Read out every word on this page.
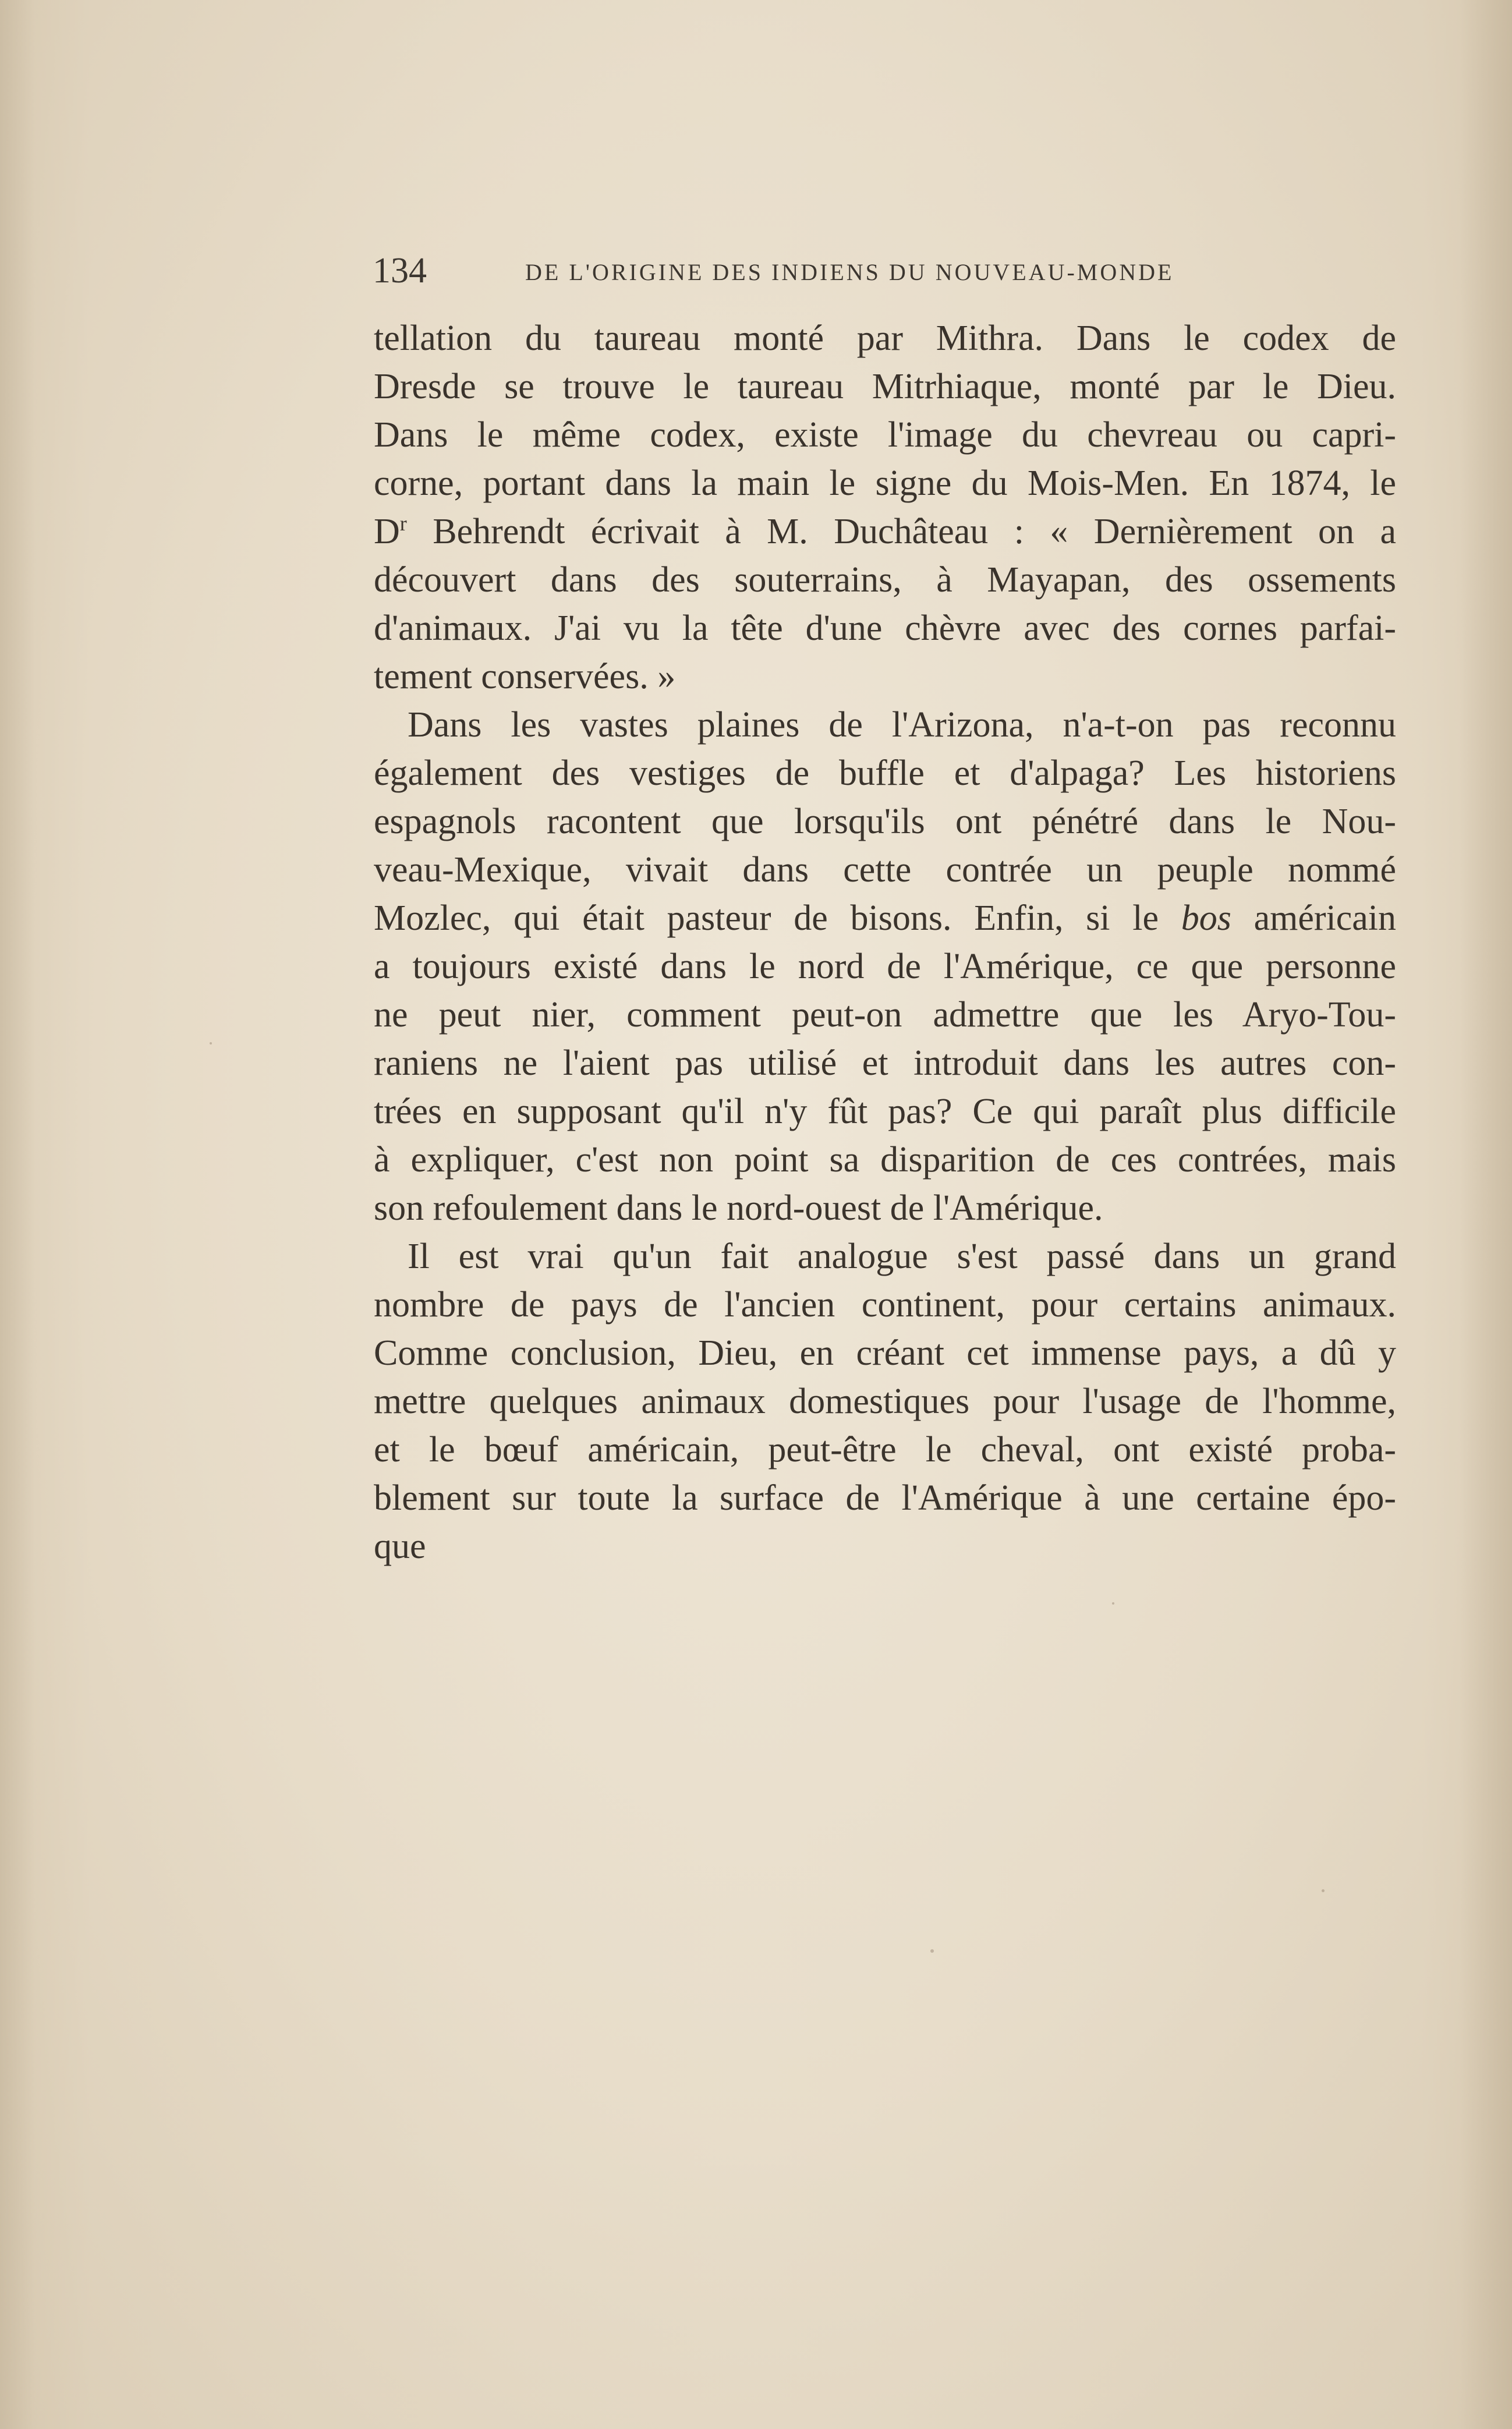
134	DE L'ORIGINE DES INDIENS DU NOUVEAU-MONDE
tellation du taureau monté par Mithra. Dans le codex de
Dresde se trouve le taureau Mitrhiaque, monté par le Dieu.
Dans le même codex, existe l'image du chevreau ou capri-
corne, portant dans la main le signe du Mois-Men. En 1874, le
$D^r$ Behrendt écrivait à M. Duchâteau : « Dernièrement on a
découvert dans des souterrains, à Mayapan, des ossements
d'animaux. J'ai vu la tête d'une chèvre avec des cornes parfai-
tement conservées. »
Dans les vastes plaines de l'Arizona, n'a-t-on pas reconnu
également des vestiges de buffle et d'alpaga? Les historiens
espagnols racontent que lorsqu'ils ont pénétré dans le Nou-
veau-Mexique, vivait dans cette contrée un peuple nommé
Mozlec, qui était pasteur de bisons. Enfin, si le bos américain
a toujours existé dans le nord de l'Amérique, ce que personne
ne peut nier, comment peut-on admettre que les Aryo-Tou-
raniens ne l'aient pas utilisé et introduit dans les autres con-
trées en supposant qu'il n'y fût pas? Ce qui paraît plus difficile
à expliquer, c'est non point sa disparition de ces contrées, mais
son refoulement dans le nord-ouest de l'Amérique.
Il est vrai qu'un fait analogue s'est passé dans un grand
nombre de pays de l'ancien continent, pour certains animaux.
Comme conclusion, Dieu, en créant cet immense pays, a dû y
mettre quelques animaux domestiques pour l'usage de l'homme,
et le bœuf américain, peut-être le cheval, ont existé proba-
blement sur toute la surface de l'Amérique à une certaine épo-
que
